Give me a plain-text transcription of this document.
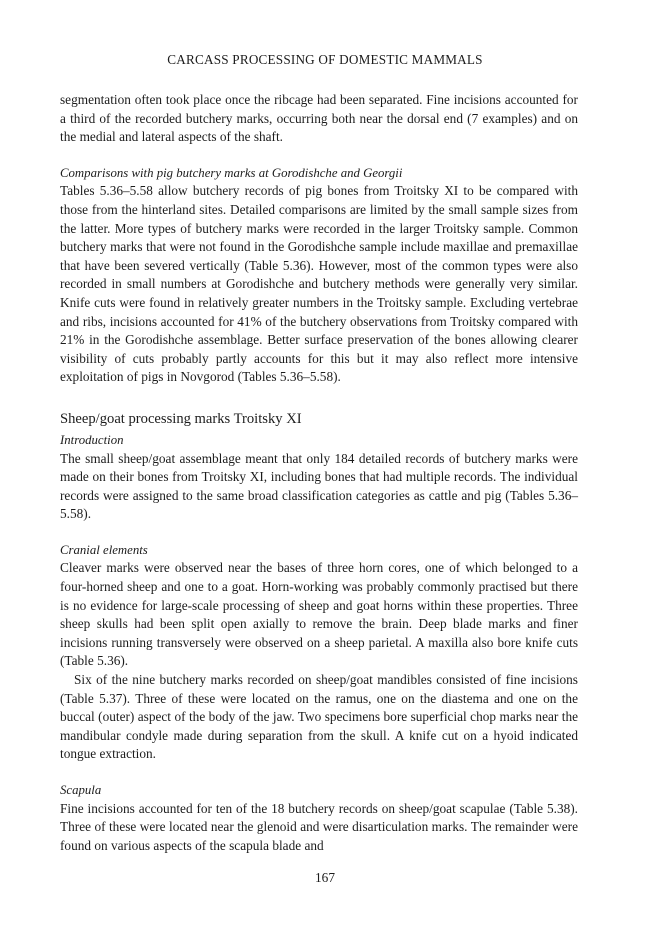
CARCASS PROCESSING OF DOMESTIC MAMMALS

segmentation often took place once the ribcage had been separated. Fine incisions accounted for a third of the recorded butchery marks, occurring both near the dorsal end (7 examples) and on the medial and lateral aspects of the shaft.

Comparisons with pig butchery marks at Gorodishche and Georgii

Tables 5.36–5.58 allow butchery records of pig bones from Troitsky XI to be compared with those from the hinterland sites. Detailed comparisons are limited by the small sample sizes from the latter. More types of butchery marks were recorded in the larger Troitsky sample. Common butchery marks that were not found in the Gorodishche sample include maxillae and premaxillae that have been severed vertically (Table 5.36). However, most of the common types were also recorded in small numbers at Gorodishche and butchery methods were generally very similar. Knife cuts were found in relatively greater numbers in the Troitsky sample. Excluding vertebrae and ribs, incisions accounted for 41% of the butchery observations from Troitsky compared with 21% in the Gorodishche assemblage. Better surface preservation of the bones allowing clearer visibility of cuts probably partly accounts for this but it may also reflect more intensive exploitation of pigs in Novgorod (Tables 5.36–5.58).

Sheep/goat processing marks Troitsky XI
Introduction

The small sheep/goat assemblage meant that only 184 detailed records of butchery marks were made on their bones from Troitsky XI, including bones that had multiple records. The individual records were assigned to the same broad classification categories as cattle and pig (Tables 5.36–5.58).

Cranial elements

Cleaver marks were observed near the bases of three horn cores, one of which belonged to a four-horned sheep and one to a goat. Horn-working was probably commonly practised but there is no evidence for large-scale processing of sheep and goat horns within these properties. Three sheep skulls had been split open axially to remove the brain. Deep blade marks and finer incisions running transversely were observed on a sheep parietal. A maxilla also bore knife cuts (Table 5.36).

Six of the nine butchery marks recorded on sheep/goat mandibles consisted of fine incisions (Table 5.37). Three of these were located on the ramus, one on the diastema and one on the buccal (outer) aspect of the body of the jaw. Two specimens bore superficial chop marks near the mandibular condyle made during separation from the skull. A knife cut on a hyoid indicated tongue extraction.

Scapula

Fine incisions accounted for ten of the 18 butchery records on sheep/goat scapulae (Table 5.38). Three of these were located near the glenoid and were disarticulation marks. The remainder were found on various aspects of the scapula blade and

167
